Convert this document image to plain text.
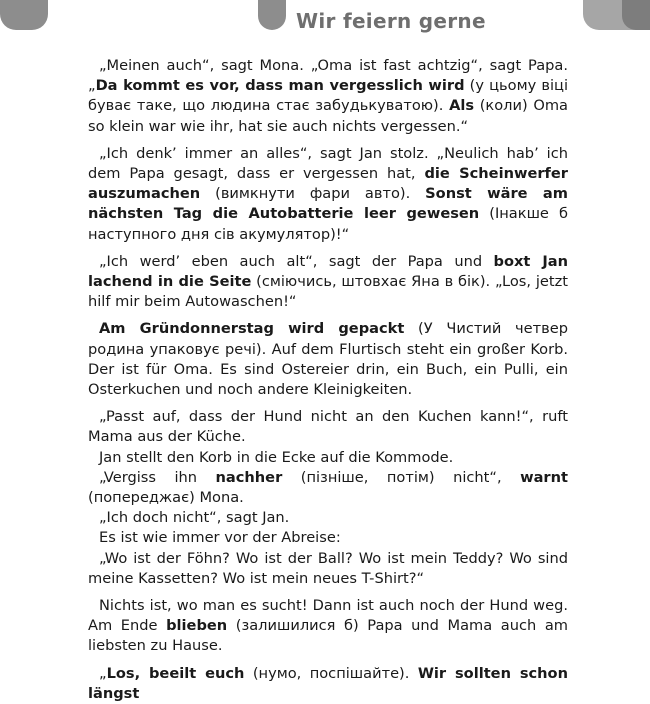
Wir feiern gerne

„Meinen auch“, sagt Mona. „Oma ist fast achtzig“, sagt Papa. „Da kommt es vor, dass man vergesslich wird (у цьому віці буває таке, що людина стає забудькуватою). Als (коли) Oma so klein war wie ihr, hat sie auch nichts vergessen.“

„Ich denk’ immer an alles“, sagt Jan stolz. „Neulich hab’ ich dem Papa gesagt, dass er vergessen hat, die Scheinwerfer auszumachen (вимкнути фари авто). Sonst wäre am nächsten Tag die Autobatterie leer gewesen (Інакше б наступного дня сів акумулятор)!“

„Ich werd’ eben auch alt“, sagt der Papa und boxt Jan lachend in die Seite (сміючись, штовхає Яна в бік). „Los, jetzt hilf mir beim Autowaschen!“

Am Gründonnerstag wird gepackt (У Чистий четвер родина упаковує речі). Auf dem Flurtisch steht ein großer Korb. Der ist für Oma. Es sind Ostereier drin, ein Buch, ein Pulli, ein Osterkuchen und noch andere Kleinigkeiten.

„Passt auf, dass der Hund nicht an den Kuchen kann!“, ruft Mama aus der Küche.

Jan stellt den Korb in die Ecke auf die Kommode.

„Vergiss ihn nachher (пізніше, потім) nicht“, warnt (попереджає) Mona.

„Ich doch nicht“, sagt Jan.

Es ist wie immer vor der Abreise:

„Wo ist der Föhn? Wo ist der Ball? Wo ist mein Teddy? Wo sind meine Kassetten? Wo ist mein neues T-Shirt?“

Nichts ist, wo man es sucht! Dann ist auch noch der Hund weg. Am Ende blieben (залишилися б) Papa und Mama auch am liebsten zu Hause.

„Los, beeilt euch (нумо, поспішайте). Wir sollten schon längst
